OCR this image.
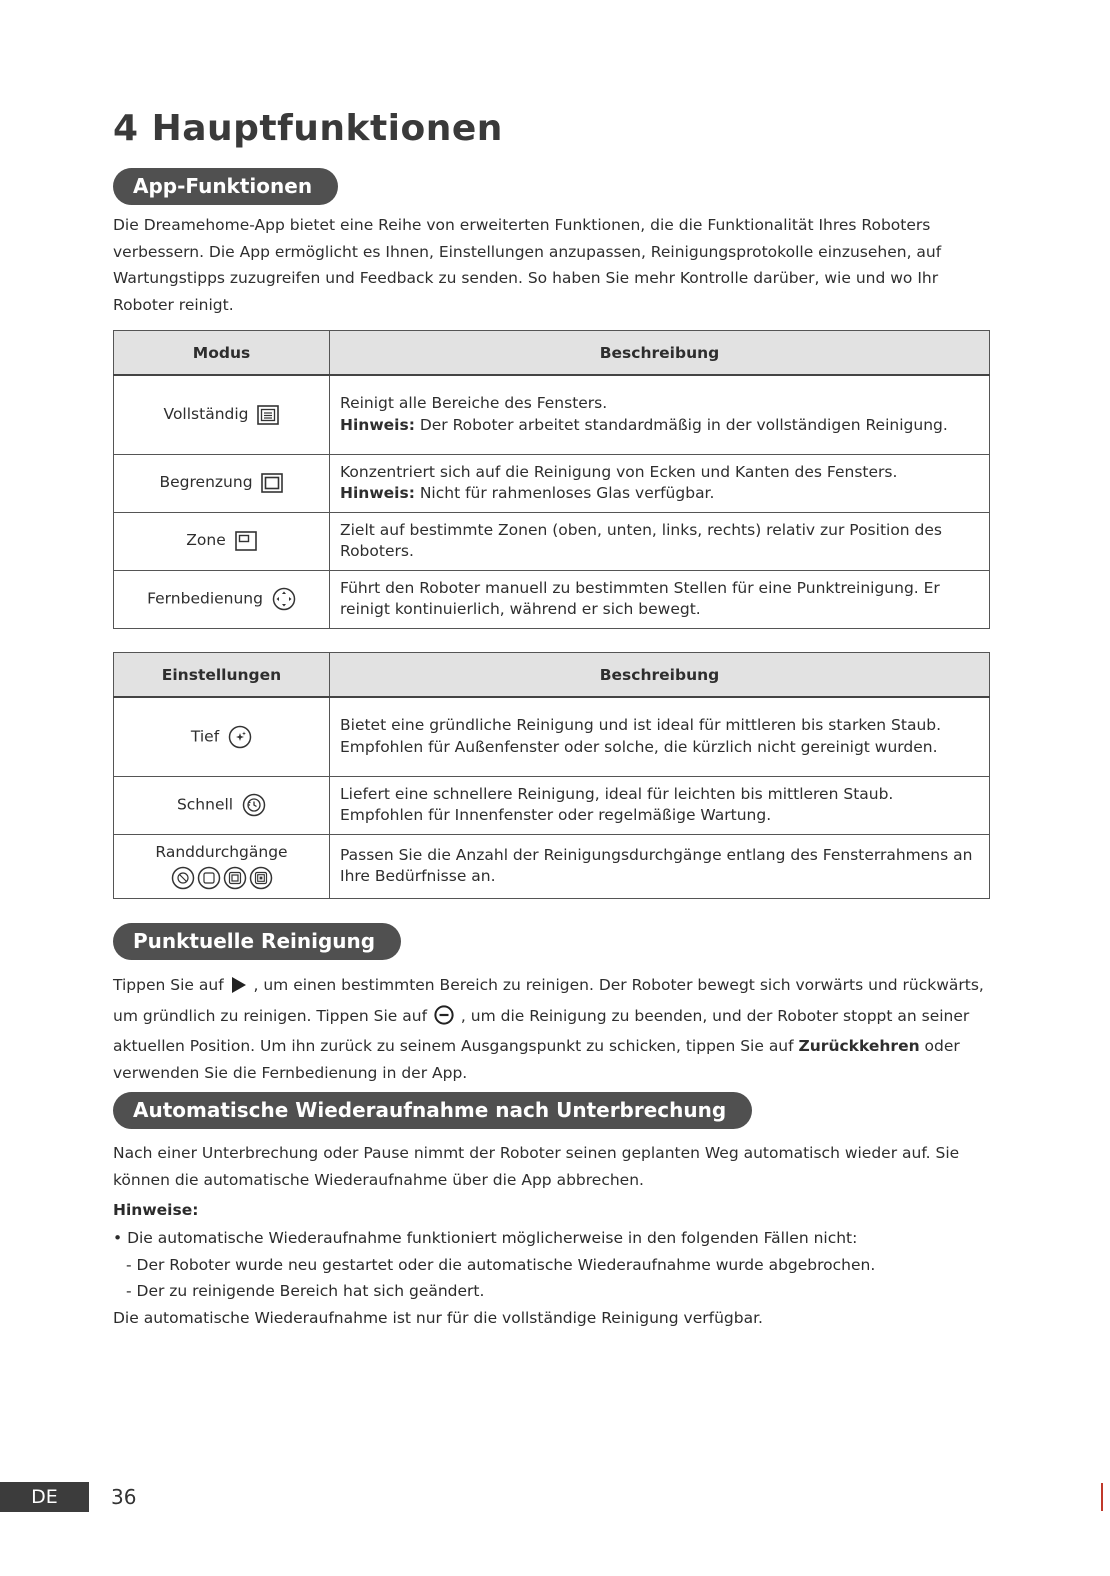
4 Hauptfunktionen
App-Funktionen

Die Dreamehome-App bietet eine Reihe von erweiterten Funktionen, die die Funktionalität Ihres Roboters verbessern. Die App ermöglicht es Ihnen, Einstellungen anzupassen, Reinigungsprotokolle einzusehen, auf Wartungstipps zuzugreifen und Feedback zu senden. So haben Sie mehr Kontrolle darüber, wie und wo Ihr Roboter reinigt.

Modus	Beschreibung
Vollständig	Reinigt alle Bereiche des Fensters.
Hinweis: Der Roboter arbeitet standardmäßig in der vollständigen Reinigung.

Begrenzung	Konzentriert sich auf die Reinigung von Ecken und Kanten des Fensters.
Hinweis: Nicht für rahmenloses Glas verfügbar.

Zone	Zielt auf bestimmte Zonen (oben, unten, links, rechts) relativ zur Position des Roboters.

Fernbedienung	Führt den Roboter manuell zu bestimmten Stellen für eine Punktreinigung. Er reinigt kontinuierlich, während er sich bewegt.
Einstellungen	Beschreibung
Tief	Bietet eine gründliche Reinigung und ist ideal für mittleren bis starken Staub. Empfohlen für Außenfenster oder solche, die kürzlich nicht gereinigt wurden.

Schnell	Liefert eine schnellere Reinigung, ideal für leichten bis mittleren Staub. Empfohlen für Innenfenster oder regelmäßige Wartung.

Randdurchgänge	Passen Sie die Anzahl der Reinigungsdurchgänge entlang des Fensterrahmens an Ihre Bedürfnisse an.
Punktuelle Reinigung

Tippen Sie auf  , um einen bestimmten Bereich zu reinigen. Der Roboter bewegt sich vorwärts und rückwärts, um gründlich zu reinigen. Tippen Sie auf  , um die Reinigung zu beenden, und der Roboter stoppt an seiner aktuellen Position. Um ihn zurück zu seinem Ausgangspunkt zu schicken, tippen Sie auf Zurückkehren oder verwenden Sie die Fernbedienung in der App.

Automatische Wiederaufnahme nach Unterbrechung

Nach einer Unterbrechung oder Pause nimmt der Roboter seinen geplanten Weg automatisch wieder auf. Sie können die automatische Wiederaufnahme über die App abbrechen.

Hinweise:

• Die automatische Wiederaufnahme funktioniert möglicherweise in den folgenden Fällen nicht:
- Der Roboter wurde neu gestartet oder die automatische Wiederaufnahme wurde abgebrochen.
- Der zu reinigende Bereich hat sich geändert.
Die automatische Wiederaufnahme ist nur für die vollständige Reinigung verfügbar.
DE	36
